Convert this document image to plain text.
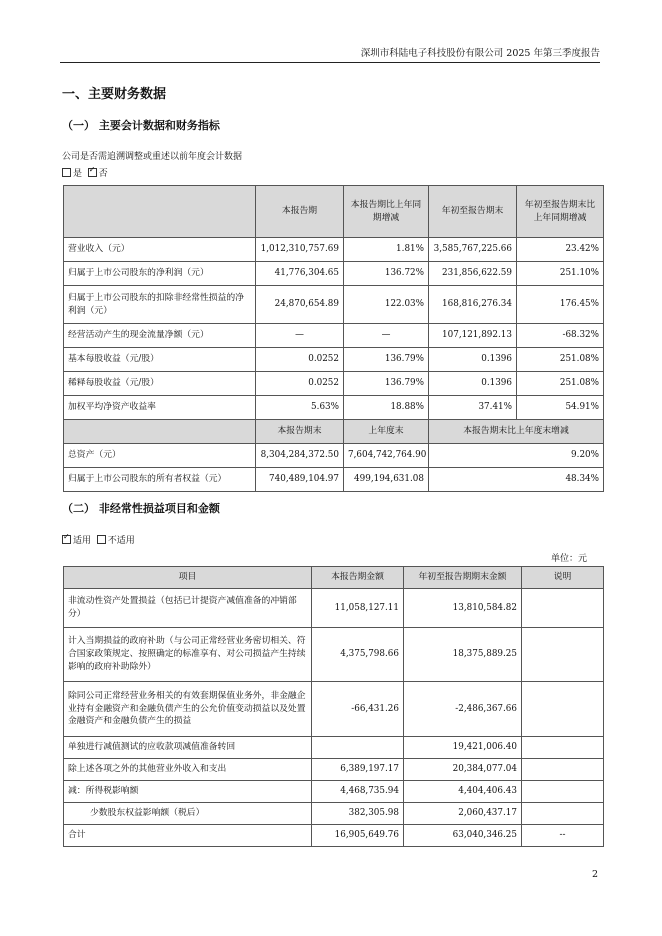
深圳市科陆电子科技股份有限公司 2025 年第三季度报告
一、主要财务数据
（一） 主要会计数据和财务指标
公司是否需追溯调整或重述以前年度会计数据
是 ✓ 否
	本报告期	本报告期比上年同期增减	年初至报告期末	年初至报告期末比上年同期增减
营业收入（元）	1,012,310,757.69	1.81%	3,585,767,225.66	23.42%
归属于上市公司股东的净利润（元）	41,776,304.65	136.72%	231,856,622.59	251.10%
归属于上市公司股东的扣除非经常性损益的净利润（元）	24,870,654.89	122.03%	168,816,276.34	176.45%
经营活动产生的现金流量净额（元）	—	—	107,121,892.13	-68.32%
基本每股收益（元/股）	0.0252	136.79%	0.1396	251.08%
稀释每股收益（元/股）	0.0252	136.79%	0.1396	251.08%
加权平均净资产收益率	5.63%	18.88%	37.41%	54.91%
	本报告期末	上年度末	本报告期末比上年度末增减	
总资产（元）	8,304,284,372.50	7,604,742,764.90	9.20%	
归属于上市公司股东的所有者权益（元）	740,489,104.97	499,194,631.08	48.34%	
（二） 非经常性损益项目和金额
✓适用 不适用
单位：元
项目	本报告期金额	年初至报告期期末金额	说明
非流动性资产处置损益（包括已计提资产减值准备的冲销部分）	11,058,127.11	13,810,584.82	
计入当期损益的政府补助（与公司正常经营业务密切相关、符合国家政策规定、按照确定的标准享有、对公司损益产生持续影响的政府补助除外）	4,375,798.66	18,375,889.25	
除同公司正常经营业务相关的有效套期保值业务外，非金融企业持有金融资产和金融负债产生的公允价值变动损益以及处置金融资产和金融负债产生的损益	-66,431.26	-2,486,367.66	
单独进行减值测试的应收款项减值准备转回		19,421,006.40	
除上述各项之外的其他营业外收入和支出	6,389,197.17	20,384,077.04	
减：所得税影响额	4,468,735.94	4,404,406.43	
少数股东权益影响额（税后）	382,305.98	2,060,437.17	
合计	16,905,649.76	63,040,346.25	--
2
